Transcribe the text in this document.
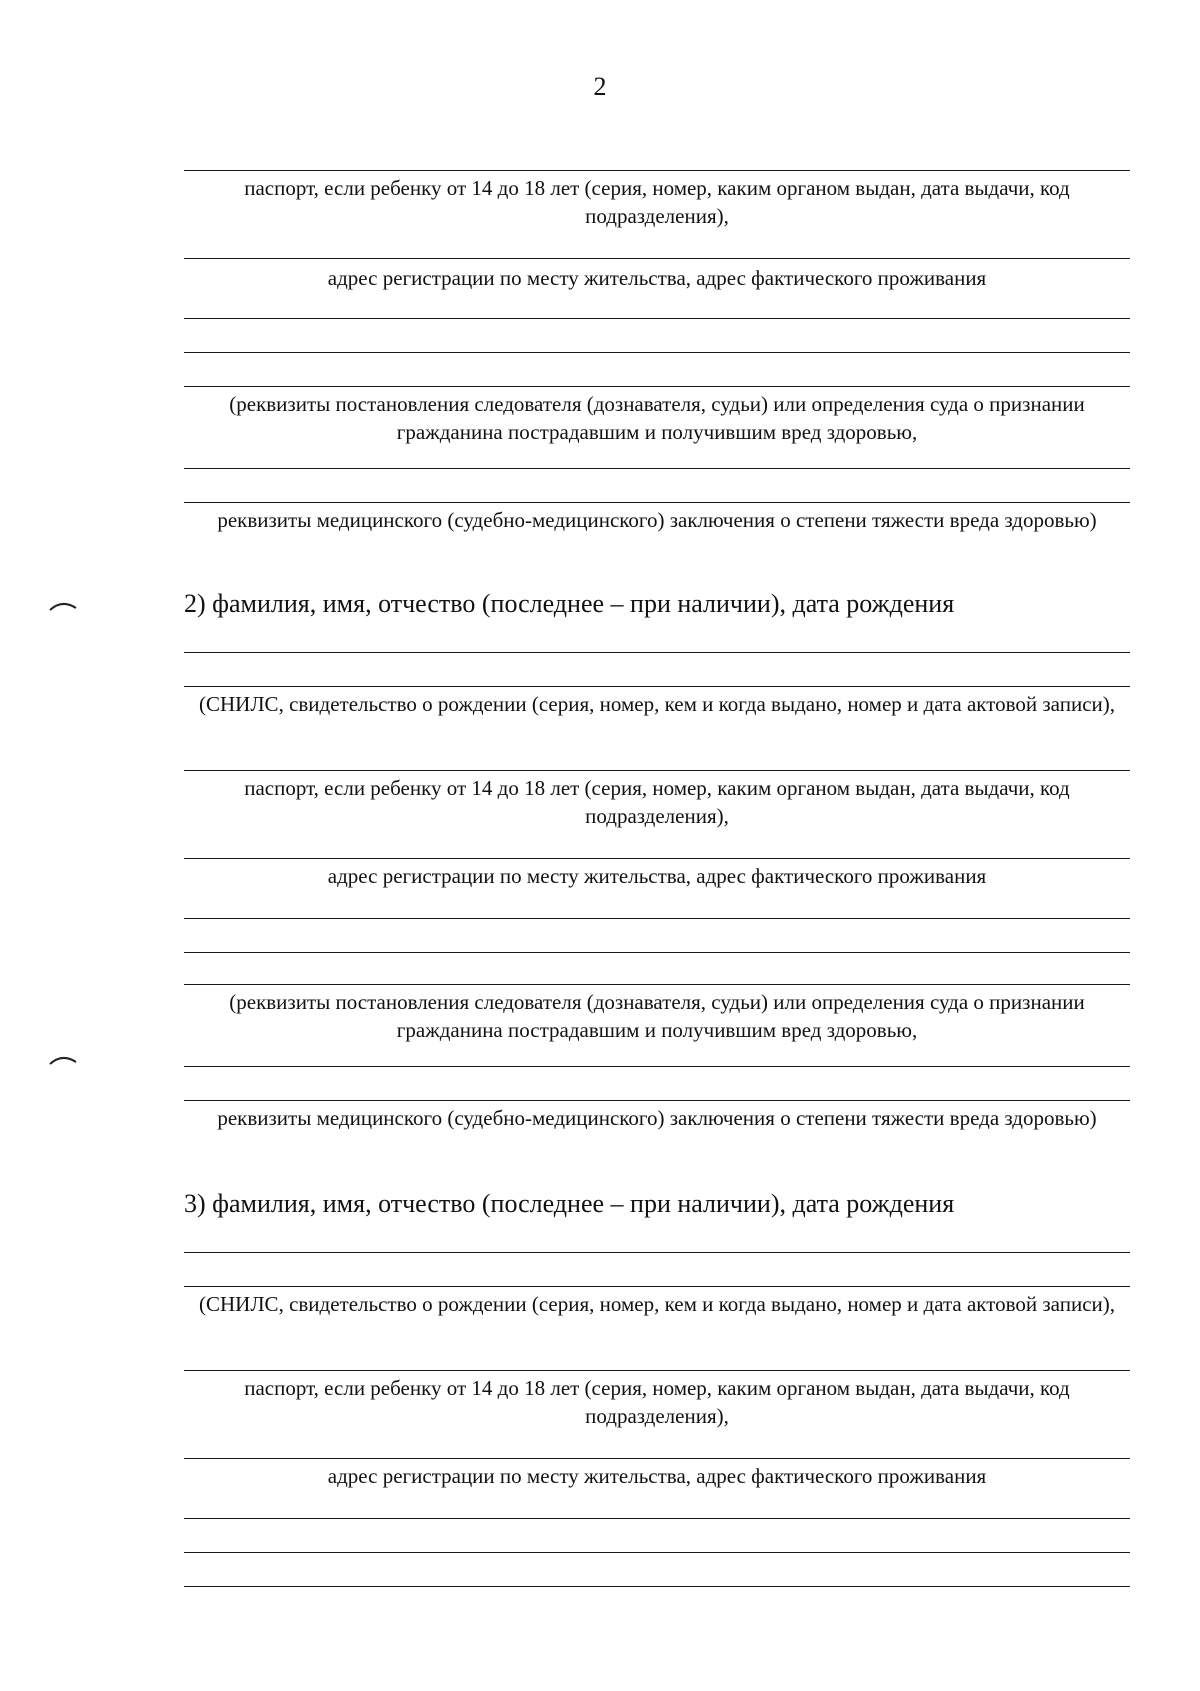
2
паспорт, если ребенку от 14 до 18 лет (серия, номер, каким органом выдан, дата выдачи, код подразделения),
адрес регистрации по месту жительства, адрес фактического проживания
(реквизиты постановления следователя (дознавателя, судьи) или определения суда о признании гражданина пострадавшим и получившим вред здоровью,
реквизиты медицинского (судебно-медицинского) заключения о степени тяжести вреда здоровью)
2) фамилия, имя, отчество (последнее – при наличии), дата рождения
(СНИЛС, свидетельство о рождении (серия, номер, кем и когда выдано, номер и дата актовой записи),
паспорт, если ребенку от 14 до 18 лет (серия, номер, каким органом выдан, дата выдачи, код подразделения),
адрес регистрации по месту жительства, адрес фактического проживания
(реквизиты постановления следователя (дознавателя, судьи) или определения суда о признании гражданина пострадавшим и получившим вред здоровью,
реквизиты медицинского (судебно-медицинского) заключения о степени тяжести вреда здоровью)
3) фамилия, имя, отчество (последнее – при наличии), дата рождения
(СНИЛС, свидетельство о рождении (серия, номер, кем и когда выдано, номер и дата актовой записи),
паспорт, если ребенку от 14 до 18 лет (серия, номер, каким органом выдан, дата выдачи, код подразделения),
адрес регистрации по месту жительства, адрес фактического проживания
